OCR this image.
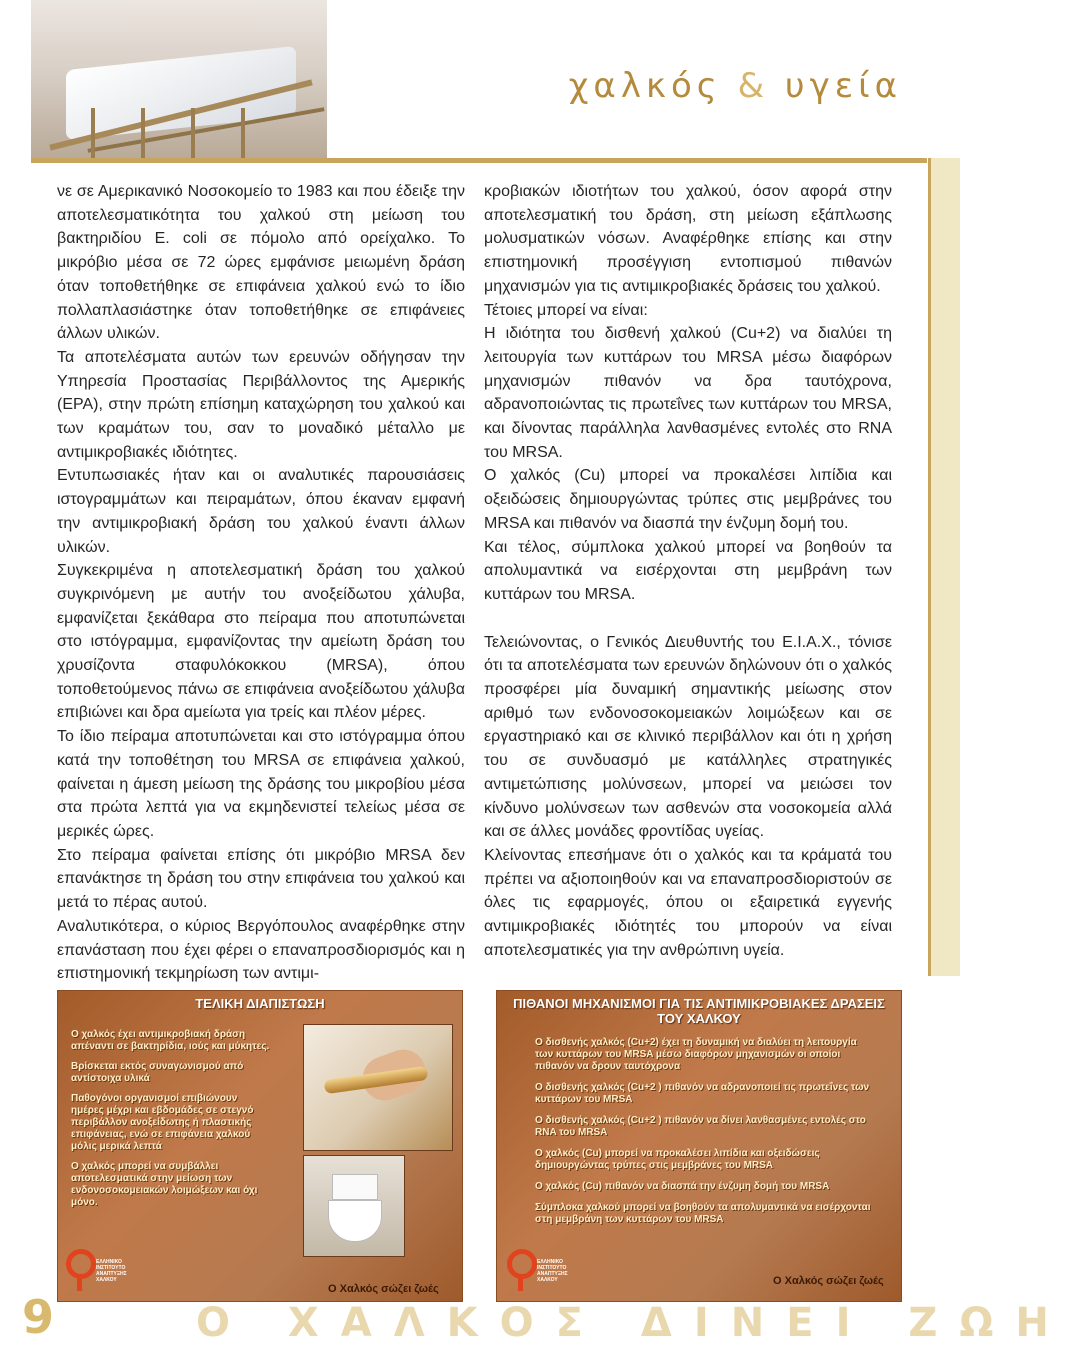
χαλκός & υγεία

νε σε Αμερικανικό Νοσοκομείο το 1983 και που έδειξε την αποτελεσματικότητα του χαλκού στη μείωση του βακτηριδίου E. coli σε πόμολο από ορείχαλκο. Το μικρόβιο μέσα σε 72 ώρες εμφάνισε μειωμένη δράση όταν τοποθετήθηκε σε επιφάνεια χαλκού ενώ το ίδιο πολλαπλασιάστηκε όταν τοποθετήθηκε σε επιφάνειες άλλων υλικών.

Τα αποτελέσματα αυτών των ερευνών οδήγησαν την Υπηρεσία Προστασίας Περιβάλλοντος της Αμερικής (EPA), στην πρώτη επίσημη καταχώρηση του χαλκού και των κραμάτων του, σαν το μοναδικό μέταλλο με αντιμικροβιακές ιδιότητες.

Εντυπωσιακές ήταν και οι αναλυτικές παρουσιάσεις ιστογραμμάτων και πειραμάτων, όπου έκαναν εμφανή την αντιμικροβιακή δράση του χαλκού έναντι άλλων υλικών.

Συγκεκριμένα η αποτελεσματική δράση του χαλκού συγκρινόμενη με αυτήν του ανοξείδωτου χάλυβα, εμφανίζεται ξεκάθαρα στο πείραμα που αποτυπώνεται στο ιστόγραμμα, εμφανίζοντας την αμείωτη δράση του χρυσίζοντα σταφυλόκοκκου (MRSA), όπου τοποθετούμενος πάνω σε επιφάνεια ανοξείδωτου χάλυβα επιβιώνει και δρα αμείωτα για τρείς και πλέον μέρες.

Το ίδιο πείραμα αποτυπώνεται και στο ιστόγραμμα όπου κατά την τοποθέτηση του MRSA σε επιφάνεια χαλκού, φαίνεται η άμεση μείωση της δράσης του μικροβίου μέσα στα πρώτα λεπτά για να εκμηδενιστεί τελείως μέσα σε μερικές ώρες.

Στο πείραμα φαίνεται επίσης ότι μικρόβιο MRSA δεν επανάκτησε τη δράση του στην επιφάνεια του χαλκού και μετά το πέρας αυτού.

Αναλυτικότερα, ο κύριος Βεργόπουλος αναφέρθηκε στην επανάσταση που έχει φέρει ο επαναπροσδιορισμός και η επιστημονική τεκμηρίωση των αντιμι-

κροβιακών ιδιοτήτων του χαλκού, όσον αφορά στην αποτελεσματική του δράση, στη μείωση εξάπλωσης μολυσματικών νόσων. Αναφέρθηκε επίσης και στην επιστημονική προσέγγιση εντοπισμού πιθανών μηχανισμών για τις αντιμικροβιακές δράσεις του χαλκού.

Τέτοιες μπορεί να είναι:

Η ιδιότητα του δισθενή χαλκού (Cu+2) να διαλύει τη λειτουργία των κυττάρων του MRSA μέσω διαφόρων μηχανισμών πιθανόν να δρα ταυτόχρονα, αδρανοποιώντας τις πρωτεΐνες των κυττάρων του MRSA, και δίνοντας παράλληλα λανθασμένες εντολές στο RNA του MRSA.

Ο χαλκός (Cu) μπορεί να προκαλέσει λιπίδια και οξειδώσεις δημιουργώντας τρύπες στις μεμβράνες του MRSA και πιθανόν να διασπά την ένζυμη δομή του.

Και τέλος, σύμπλοκα χαλκού μπορεί να βοηθούν τα απολυμαντικά να εισέρχονται στη μεμβράνη των κυττάρων του MRSA.

Τελειώνοντας, ο Γενικός Διευθυντής του Ε.Ι.Α.Χ., τόνισε ότι τα αποτελέσματα των ερευνών δηλώνουν ότι ο χαλκός προσφέρει μία δυναμική σημαντικής μείωσης στον αριθμό των ενδονοσοκομειακών λοιμώξεων και σε εργαστηριακό και σε κλινικό περιβάλλον και ότι η χρήση του σε συνδυασμό με κατάλληλες στρατηγικές αντιμετώπισης μολύνσεων, μπορεί να μειώσει τον κίνδυνο μολύνσεων των ασθενών στα νοσοκομεία αλλά και σε άλλες μονάδες φροντίδας υγείας.

Κλείνοντας επεσήμανε ότι ο χαλκός και τα κράματά του πρέπει να αξιοποιηθούν και να επαναπροσδιοριστούν σε όλες τις εφαρμογές, όπου οι εξαιρετικά εγγενής αντιμικροβιακές ιδιότητές του μπορούν να είναι αποτελεσματικές για την ανθρώπινη υγεία.

ΤΕΛΙΚΗ ΔΙΑΠΙΣΤΩΣΗ

Ο χαλκός έχει αντιμικροβιακή δράση απέναντι σε βακτηρίδια, ιούς και μύκητες.

Βρίσκεται εκτός συναγωνισμού από αντίστοιχα υλικά

Παθογόνοι οργανισμοί επιβιώνουν ημέρες μέχρι και εβδομάδες σε στεγνό περιβάλλον ανοξείδωτης ή πλαστικής επιφάνειας, ενώ σε επιφάνεια χαλκού μόλις μερικά λεπτά

Ο χαλκός μπορεί να συμβάλλει αποτελεσματικά στην μείωση των ενδονοσοκομειακών λοιμώξεων και όχι μόνο.

ΕΛΛΗΝΙΚΟ ΙΝΣΤΙΤΟΥΤΟ ΑΝΑΠΤΥΞΗΣ ΧΑΛΚΟΥ
Ο Χαλκός σώζει ζωές
ΠΙΘΑΝΟΙ ΜΗΧΑΝΙΣΜΟΙ ΓΙΑ ΤΙΣ ΑΝΤΙΜΙΚΡΟΒΙΑΚΕΣ ΔΡΑΣΕΙΣ ΤΟΥ ΧΑΛΚΟΥ

Ο δισθενής χαλκός (Cu+2) έχει τη δυναμική να διαλύει τη λειτουργία των κυττάρων του MRSA μέσω διαφόρων μηχανισμών οι οποίοι πιθανόν να δρουν ταυτόχρονα

Ο δισθενής χαλκός (Cu+2 ) πιθανόν να αδρανοποιεί τις πρωτεΐνες των κυττάρων του MRSA

Ο δισθενής χαλκός (Cu+2 ) πιθανόν να δίνει λανθασμένες εντολές στο RNA του MRSA

Ο χαλκός (Cu) μπορεί να προκαλέσει λιπίδια και οξειδώσεις δημιουργώντας τρύπες στις μεμβράνες του MRSA

Ο χαλκός (Cu) πιθανόν να διασπά την ένζυμη δομή του MRSA

Σύμπλοκα χαλκού μπορεί να βοηθούν τα απολυμαντικά να εισέρχονται στη μεμβράνη των κυττάρων του MRSA

ΕΛΛΗΝΙΚΟ ΙΝΣΤΙΤΟΥΤΟ ΑΝΑΠΤΥΞΗΣ ΧΑΛΚΟΥ	Ο Χαλκός σώζει ζωές
9	Ο ΧΑΛΚΟΣ ΔΙΝΕΙ ΖΩΗ
